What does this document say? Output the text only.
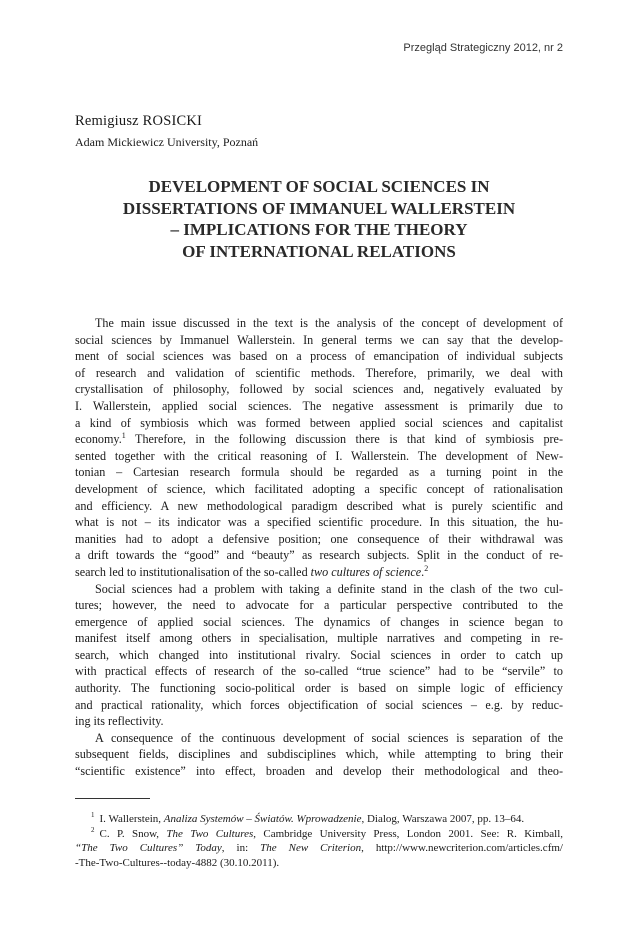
Przegląd Strategiczny 2012, nr 2
Remigiusz ROSICKI
Adam Mickiewicz University, Poznań
DEVELOPMENT OF SOCIAL SCIENCES IN
DISSERTATIONS OF IMMANUEL WALLERSTEIN
– IMPLICATIONS FOR THE THEORY
OF INTERNATIONAL RELATIONS
The main issue discussed in the text is the analysis of the concept of development of
social sciences by Immanuel Wallerstein. In general terms we can say that the develop-
ment of social sciences was based on a process of emancipation of individual subjects
of research and validation of scientific methods. Therefore, primarily, we deal with
crystallisation of philosophy, followed by social sciences and, negatively evaluated by
I. Wallerstein, applied social sciences. The negative assessment is primarily due to
a kind of symbiosis which was formed between applied social sciences and capitalist
economy.$^1$ Therefore, in the following discussion there is that kind of symbiosis pre-
sented together with the critical reasoning of I. Wallerstein. The development of New-
tonian – Cartesian research formula should be regarded as a turning point in the
development of science, which facilitated adopting a specific concept of rationalisation
and efficiency. A new methodological paradigm described what is purely scientific and
what is not – its indicator was a specified scientific procedure. In this situation, the hu-
manities had to adopt a defensive position; one consequence of their withdrawal was
a drift towards the “good” and “beauty” as research subjects. Split in the conduct of re-
search led to institutionalisation of the so-called two cultures of science.$^2$
Social sciences had a problem with taking a definite stand in the clash of the two cul-
tures; however, the need to advocate for a particular perspective contributed to the
emergence of applied social sciences. The dynamics of changes in science began to
manifest itself among others in specialisation, multiple narratives and competing in re-
search, which changed into institutional rivalry. Social sciences in order to catch up
with practical effects of research of the so-called “true science” had to be “servile” to
authority. The functioning socio-political order is based on simple logic of efficiency
and practical rationality, which forces objectification of social sciences – e.g. by reduc-
ing its reflectivity.
A consequence of the continuous development of social sciences is separation of the
subsequent fields, disciplines and subdisciplines which, while attempting to bring their
“scientific existence” into effect, broaden and develop their methodological and theo-
$^1$ I. Wallerstein, Analiza Systemów – Światów. Wprowadzenie, Dialog, Warszawa 2007, pp. 13–64.
$^2$ C. P. Snow, The Two Cultures, Cambridge University Press, London 2001. See: R. Kimball,
“The Two Cultures” Today, in: The New Criterion, http://www.newcriterion.com/articles.cfm/
-The-Two-Cultures--today-4882 (30.10.2011).
